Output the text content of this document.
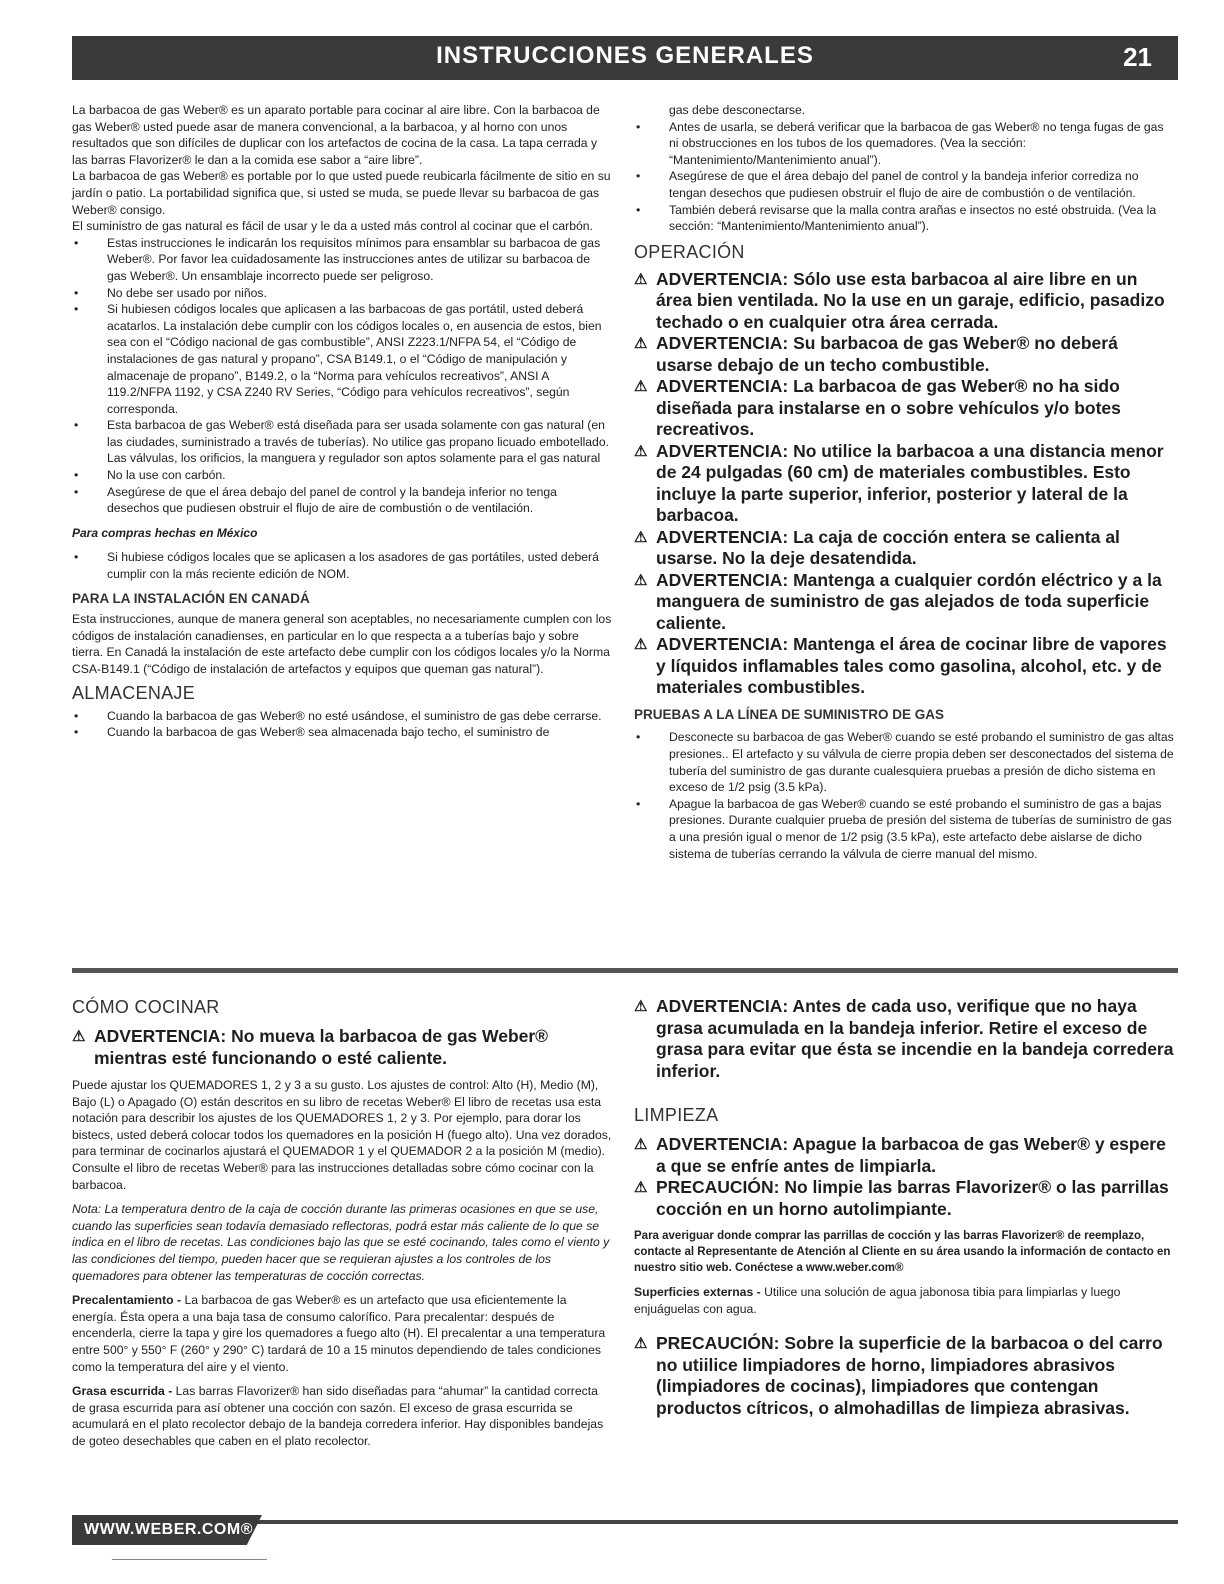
INSTRUCCIONES GENERALES	21

La barbacoa de gas Weber® es un aparato portable para cocinar al aire libre. Con la barbacoa de gas Weber® usted puede asar de manera convencional, a la barbacoa, y al horno con unos resultados que son difíciles de duplicar con los artefactos de cocina de la casa. La tapa cerrada y las barras Flavorizer® le dan a la comida ese sabor a “aire libre”.

La barbacoa de gas Weber® es portable por lo que usted puede reubicarla fácilmente de sitio en su jardín o patio. La portabilidad significa que, si usted se muda, se puede llevar su barbacoa de gas Weber® consigo.

El suministro de gas natural es fácil de usar y le da a usted más control al cocinar que el carbón.

• Estas instrucciones le indicarán los requisitos mínimos para ensamblar su barbacoa de gas Weber®. Por favor lea cuidadosamente las instrucciones antes de utilizar su barbacoa de gas Weber®. Un ensamblaje incorrecto puede ser peligroso.

• No debe ser usado por niños.

• Si hubiesen códigos locales que aplicasen a las barbacoas de gas portátil, usted deberá acatarlos. La instalación debe cumplir con los códigos locales o, en ausencia de estos, bien sea con el “Código nacional de gas combustible”, ANSI Z223.1/NFPA 54, el “Código de instalaciones de gas natural y propano”, CSA B149.1, o el “Código de manipulación y almacenaje de propano”, B149.2, o la “Norma para vehículos recreativos”, ANSI A 119.2/NFPA 1192, y CSA Z240 RV Series, “Código para vehículos recreativos”, según corresponda.

• Esta barbacoa de gas Weber® está diseñada para ser usada solamente con gas natural (en las ciudades, suministrado a través de tuberías). No utilice gas propano licuado embotellado. Las válvulas, los orificios, la manguera y regulador son aptos solamente para el gas natural

• No la use con carbón.

• Asegúrese de que el área debajo del panel de control y la bandeja inferior no tenga desechos que pudiesen obstruir el flujo de aire de combustión o de ventilación.

Para compras hechas en México

• Si hubiese códigos locales que se aplicasen a los asadores de gas portátiles, usted deberá cumplir con la más reciente edición de NOM.

PARA LA INSTALACIÓN EN CANADÁ

Esta instrucciones, aunque de manera general son aceptables, no necesariamente cumplen con los códigos de instalación canadienses, en particular en lo que respecta a a tuberías bajo y sobre tierra. En Canadá la instalación de este artefacto debe cumplir con los códigos locales y/o la Norma CSA-B149.1 (“Código de instalación de artefactos y equipos que queman gas natural”).

ALMACENAJE

• Cuando la barbacoa de gas Weber® no esté usándose, el suministro de gas debe cerrarse.

• Cuando la barbacoa de gas Weber® sea almacenada bajo techo, el suministro de

gas debe desconectarse.

• Antes de usarla, se deberá verificar que la barbacoa de gas Weber® no tenga fugas de gas ni obstrucciones en los tubos de los quemadores. (Vea la sección: “Mantenimiento/Mantenimiento anual”).

• Asegúrese de que el área debajo del panel de control y la bandeja inferior corrediza no tengan desechos que pudiesen obstruir el flujo de aire de combustión o de ventilación.

• También deberá revisarse que la malla contra arañas e insectos no esté obstruida. (Vea la sección: “Mantenimiento/Mantenimiento anual”).

OPERACIÓN

⚠ ADVERTENCIA: Sólo use esta barbacoa al aire libre en un área bien ventilada. No la use en un garaje, edificio, pasadizo techado o en cualquier otra área cerrada.

⚠ ADVERTENCIA: Su barbacoa de gas Weber® no deberá usarse debajo de un techo combustible.

⚠ ADVERTENCIA: La barbacoa de gas Weber® no ha sido diseñada para instalarse en o sobre vehículos y/o botes recreativos.

⚠ ADVERTENCIA: No utilice la barbacoa a una distancia menor de 24 pulgadas (60 cm) de materiales combustibles. Esto incluye la parte superior, inferior, posterior y lateral de la barbacoa.

⚠ ADVERTENCIA: La caja de cocción entera se calienta al usarse. No la deje desatendida.

⚠ ADVERTENCIA: Mantenga a cualquier cordón eléctrico y a la manguera de suministro de gas alejados de toda superficie caliente.

⚠ ADVERTENCIA: Mantenga el área de cocinar libre de vapores y líquidos inflamables tales como gasolina, alcohol, etc. y de materiales combustibles.

PRUEBAS A LA LÍNEA DE SUMINISTRO DE GAS

• Desconecte su barbacoa de gas Weber® cuando se esté probando el suministro de gas altas presiones.. El artefacto y su válvula de cierre propia deben ser desconectados del sistema de tubería del suministro de gas durante cualesquiera pruebas a presión de dicho sistema en exceso de 1/2 psig (3.5 kPa).

• Apague la barbacoa de gas Weber® cuando se esté probando el suministro de gas a bajas presiones. Durante cualquier prueba de presión del sistema de tuberías de suministro de gas a una presión igual o menor de 1/2 psig (3.5 kPa), este artefacto debe aislarse de dicho sistema de tuberías cerrando la válvula de cierre manual del mismo.

CÓMO COCINAR

⚠ ADVERTENCIA: No mueva la barbacoa de gas Weber® mientras esté funcionando o esté caliente.

Puede ajustar los QUEMADORES 1, 2 y 3 a su gusto. Los ajustes de control: Alto (H), Medio (M), Bajo (L) o Apagado (O) están descritos en su libro de recetas Weber® El libro de recetas usa esta notación para describir los ajustes de los QUEMADORES 1, 2 y 3. Por ejemplo, para dorar los bistecs, usted deberá colocar todos los quemadores en la posición H (fuego alto). Una vez dorados, para terminar de cocinarlos ajustará el QUEMADOR 1 y el QUEMADOR 2 a la posición M (medio). Consulte el libro de recetas Weber® para las instrucciones detalladas sobre cómo cocinar con la barbacoa.

Nota: La temperatura dentro de la caja de cocción durante las primeras ocasiones en que se use, cuando las superficies sean todavía demasiado reflectoras, podrá estar más caliente de lo que se indica en el libro de recetas. Las condiciones bajo las que se esté cocinando, tales como el viento y las condiciones del tiempo, pueden hacer que se requieran ajustes a los controles de los quemadores para obtener las temperaturas de cocción correctas.

Precalentamiento - La barbacoa de gas Weber® es un artefacto que usa eficientemente la energía. Ésta opera a una baja tasa de consumo calorífico. Para precalentar: después de encenderla, cierre la tapa y gire los quemadores a fuego alto (H). El precalentar a una temperatura entre 500° y 550° F (260° y 290° C) tardará de 10 a 15 minutos dependiendo de tales condiciones como la temperatura del aire y el viento.

Grasa escurrida - Las barras Flavorizer® han sido diseñadas para “ahumar” la cantidad correcta de grasa escurrida para así obtener una cocción con sazón. El exceso de grasa escurrida se acumulará en el plato recolector debajo de la bandeja corredera inferior. Hay disponibles bandejas de goteo desechables que caben en el plato recolector.

⚠ ADVERTENCIA: Antes de cada uso, verifique que no haya grasa acumulada en la bandeja inferior. Retire el exceso de grasa para evitar que ésta se incendie en la bandeja corredera inferior.

LIMPIEZA

⚠ ADVERTENCIA: Apague la barbacoa de gas Weber® y espere a que se enfríe antes de limpiarla.

⚠ PRECAUCIÓN: No limpie las barras Flavorizer® o las parrillas cocción en un horno autolimpiante.

Para averiguar donde comprar las parrillas de cocción y las barras Flavorizer® de reemplazo, contacte al Representante de Atención al Cliente en su área usando la información de contacto en nuestro sitio web. Conéctese a www.weber.com®

Superficies externas - Utilice una solución de agua jabonosa tibia para limpiarlas y luego enjuáguelas con agua.

⚠ PRECAUCIÓN: Sobre la superficie de la barbacoa o del carro no utiilice limpiadores de horno, limpiadores abrasivos (limpiadores de cocinas), limpiadores que contengan productos cítricos, o almohadillas de limpieza abrasivas.

WWW.WEBER.COM®
